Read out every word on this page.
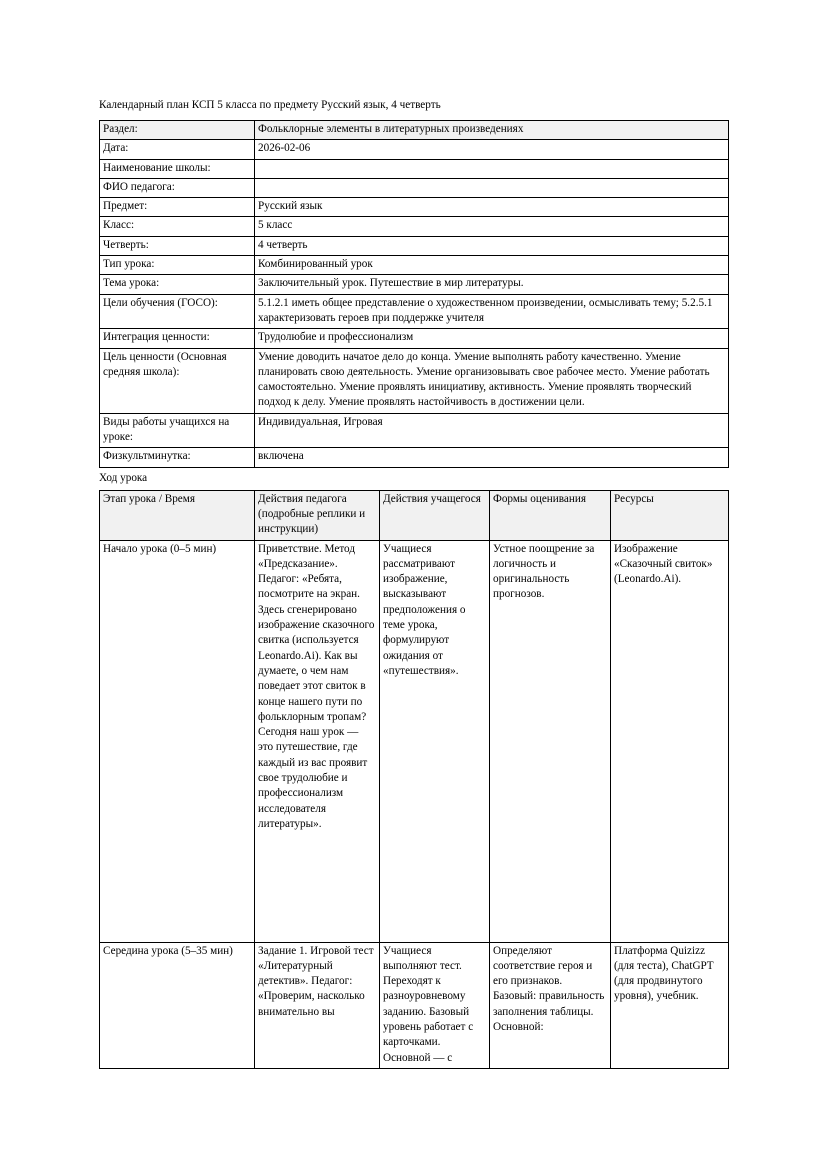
Календарный план КСП 5 класса по предмету Русский язык, 4 четверть
Раздел:	Фольклорные элементы в литературных произведениях
Дата:	2026-02-06
Наименование школы:	
ФИО педагога:	
Предмет:	Русский язык
Класс:	5 класс
Четверть:	4 четверть
Тип урока:	Комбинированный урок
Тема урока:	Заключительный урок. Путешествие в мир литературы.
Цели обучения (ГОСО):	5.1.2.1 иметь общее представление о художественном произведении, осмысливать тему; 5.2.5.1 характеризовать героев при поддержке учителя
Интеграция ценности:	Трудолюбие и профессионализм
Цель ценности (Основная средняя школа):	Умение доводить начатое дело до конца. Умение выполнять работу качественно. Умение планировать свою деятельность. Умение организовывать свое рабочее место. Умение работать самостоятельно. Умение проявлять инициативу, активность. Умение проявлять творческий подход к делу. Умение проявлять настойчивость в достижении цели.
Виды работы учащихся на уроке:	Индивидуальная, Игровая
Физкультминутка:	включена
Ход урока
Этап урока / Время	Действия педагога (подробные реплики и инструкции)	Действия учащегося	Формы оценивания	Ресурсы
Начало урока (0–5 мин)	Приветствие. Метод «Предсказание». Педагог: «Ребята, посмотрите на экран. Здесь сгенерировано изображение сказочного свитка (используется Leonardo.Ai). Как вы думаете, о чем нам поведает этот свиток в конце нашего пути по фольклорным тропам? Сегодня наш урок — это путешествие, где каждый из вас проявит свое трудолюбие и профессионализм исследователя литературы».	Учащиеся рассматривают изображение, высказывают предположения о теме урока, формулируют ожидания от «путешествия».	Устное поощрение за логичность и оригинальность прогнозов.	Изображение «Сказочный свиток» (Leonardo.Ai).
Середина урока (5–35 мин)	Задание 1. Игровой тест «Литературный детектив». Педагог: «Проверим, насколько внимательно вы	Учащиеся выполняют тест. Переходят к разноуровневому заданию. Базовый уровень работает с карточками. Основной — с	Определяют соответствие героя и его признаков. Базовый: правильность заполнения таблицы. Основной:	Платформа Quizizz (для теста), ChatGPT (для продвинутого уровня), учебник.
